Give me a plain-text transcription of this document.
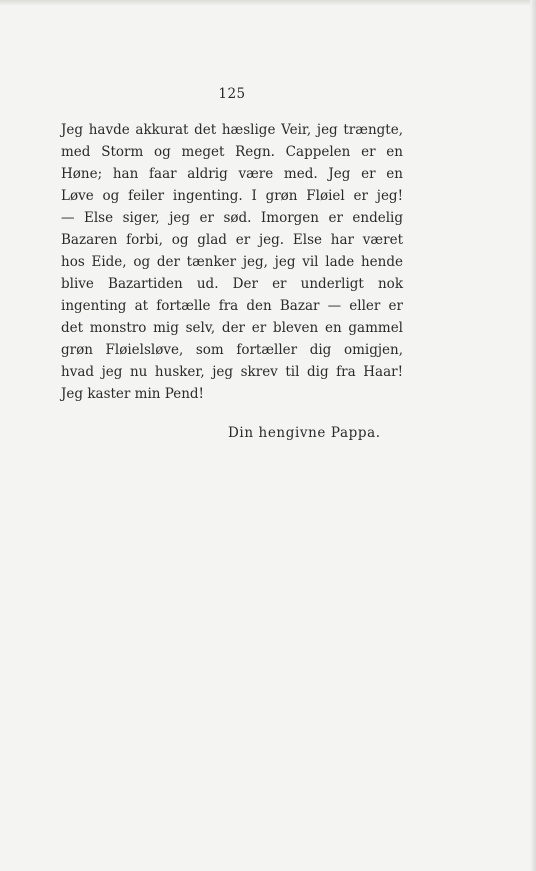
125
Jeg havde akkurat det hæslige Veir, jeg trængte,
med Storm og meget Regn. Cappelen er en
Høne; han faar aldrig være med. Jeg er en
Løve og feiler ingenting. I grøn Fløiel er jeg!
— Else siger, jeg er sød. Imorgen er endelig
Bazaren forbi, og glad er jeg. Else har været
hos Eide, og der tænker jeg, jeg vil lade hende
blive Bazartiden ud. Der er underligt nok
ingenting at fortælle fra den Bazar — eller er
det monstro mig selv, der er bleven en gammel
grøn Fløielsløve, som fortæller dig omigjen,
hvad jeg nu husker, jeg skrev til dig fra Haar!
Jeg kaster min Pend!
Din hengivne Pappa.
